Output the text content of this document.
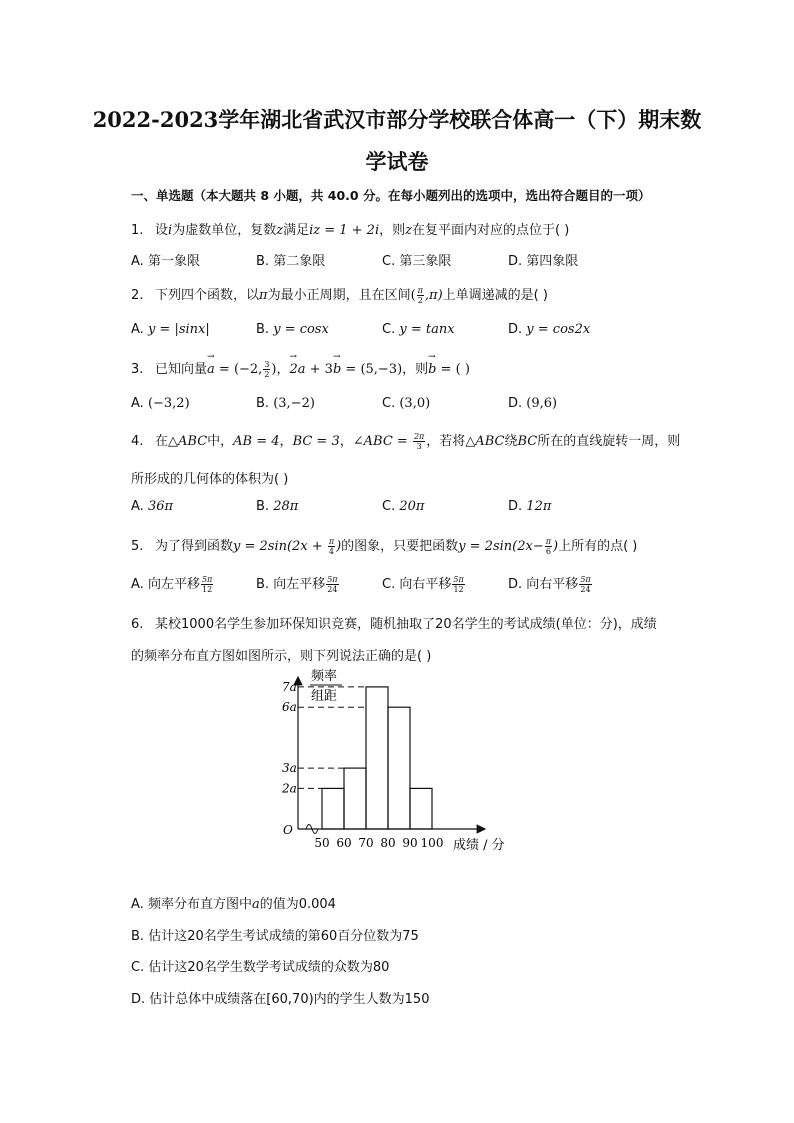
2022-2023学年湖北省武汉市部分学校联合体高一（下）期末数
学试卷
一、单选题（本大题共 8 小题，共 40.0 分。在每小题列出的选项中，选出符合题目的一项）
1. 设i为虚数单位，复数z满足iz = 1 + 2i，则z在复平面内对应的点位于( )
A. 第一象限	B. 第二象限	C. 第三象限	D. 第四象限
2. 下列四个函数，以π为最小正周期，且在区间( $\frac{\pi}{2} ,\pi$)上单调递减的是( )
A. y = |sinx|	B. y = cosx	C. y = tanx	D. y = cos2x
3. 已知向量→ a = (−2, $\frac{3}{2}$ )，→ 2a + 3→ b = (5,−3)，则→ b = ( )
A. (−3,2)	B. (3,−2)	C. (3,0)	D. (9,6)
4. 在△ABC中，AB = 4，BC = 3，∠ABC = $\frac{2\pi}{3}$ ，若将△ABC绕BC所在的直线旋转一周，则
所形成的几何体的体积为( )
A. 36π	B. 28π	C. 20π	D. 12π
5. 为了得到函数$y = 2\sin(2x + \frac{\pi}{4}$ )的图象，只要把函数$y = 2\sin(2x- \frac{\pi}{6}$ )上所有的点( )
A. 向左平移 $\frac{5\pi}{12}$	B. 向左平移 $\frac{5\pi}{24}$	C. 向右平移 $\frac{5\pi}{12}$	D. 向右平移 $\frac{5\pi}{24}$
6. 某校1000名学生参加环保知识竞赛，随机抽取了20名学生的考试成绩(单位：分)，成绩
的频率分布直方图如图所示，则下列说法正确的是( )
O
频率
组距
2a
3a
6a
7a
50 60 70 80 90 100 成绩 / 分
A. 频率分布直方图中a的值为0.004
B. 估计这20名学生考试成绩的第60百分位数为75
C. 估计这20名学生数学考试成绩的众数为80
D. 估计总体中成绩落在[60,70)内的学生人数为150
